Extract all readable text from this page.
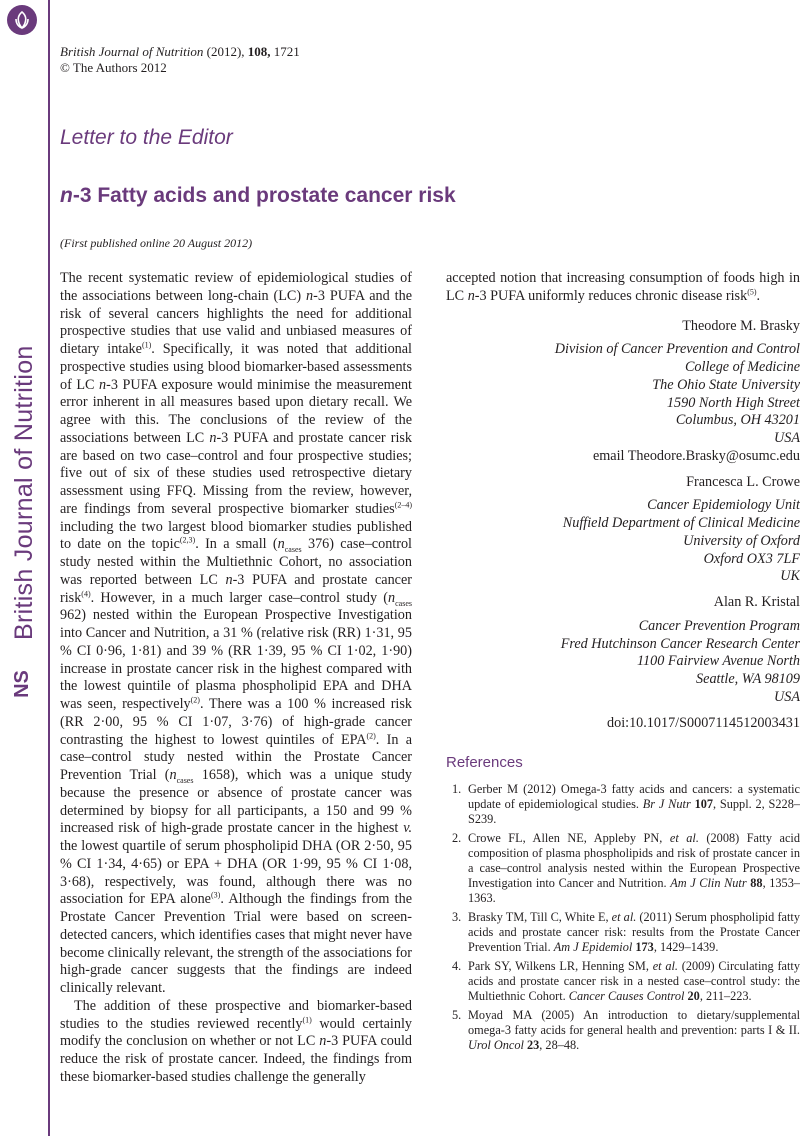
British Journal of Nutrition
NS
British Journal of Nutrition (2012), 108, 1721
© The Authors 2012
Letter to the Editor
n-3 Fatty acids and prostate cancer risk
(First published online 20 August 2012)

The recent systematic review of epidemiological studies of the associations between long-chain (LC) n-3 PUFA and the risk of several cancers highlights the need for additional prospective studies that use valid and unbiased measures of dietary intake$^{(1)}$. Specifically, it was noted that additional prospective studies using blood biomarker-based assessments of LC n-3 PUFA exposure would minimise the measurement error inherent in all measures based upon dietary recall. We agree with this. The conclusions of the review of the associations between LC n-3 PUFA and prostate cancer risk are based on two case–control and four prospective studies; five out of six of these studies used retrospective dietary assessment using FFQ. Missing from the review, however, are findings from several prospective biomarker studies$^{(2-4)}$ including the two largest blood biomarker studies published to date on the topic$^{(2,3)}$. In a small ($n_{cases}$ 376) case–control study nested within the Multiethnic Cohort, no association was reported between LC n-3 PUFA and prostate cancer risk$^{(4)}$. However, in a much larger case–control study ($n_{cases}$ 962) nested within the European Prospective Investigation into Cancer and Nutrition, a 31 % (relative risk (RR) 1·31, 95 % CI 0·96, 1·81) and 39 % (RR 1·39, 95 % CI 1·02, 1·90) increase in prostate cancer risk in the highest compared with the lowest quintile of plasma phospholipid EPA and DHA was seen, respectively$^{(2)}$. There was a 100 % increased risk (RR 2·00, 95 % CI 1·07, 3·76) of high-grade cancer contrasting the highest to lowest quintiles of EPA$^{(2)}$. In a case–control study nested within the Prostate Cancer Prevention Trial ($n_{cases}$ 1658), which was a unique study because the presence or absence of prostate cancer was determined by biopsy for all participants, a 150 and 99 % increased risk of high-grade prostate cancer in the highest v. the lowest quartile of serum phospholipid DHA (OR 2·50, 95 % CI 1·34, 4·65) or EPA + DHA (OR 1·99, 95 % CI 1·08, 3·68), respectively, was found, although there was no association for EPA alone$^{(3)}$. Although the findings from the Prostate Cancer Prevention Trial were based on screen-detected cancers, which identifies cases that might never have become clinically relevant, the strength of the associations for high-grade cancer suggests that the findings are indeed clinically relevant.

The addition of these prospective and biomarker-based studies to the studies reviewed recently$^{(1)}$ would certainly modify the conclusion on whether or not LC n-3 PUFA could reduce the risk of prostate cancer. Indeed, the findings from these biomarker-based studies challenge the generally

accepted notion that increasing consumption of foods high in LC n-3 PUFA uniformly reduces chronic disease risk$^{(5)}$.

Theodore M. Brasky
Division of Cancer Prevention and Control
College of Medicine
The Ohio State University
1590 North High Street
Columbus, OH 43201
USA
email Theodore.Brasky@osumc.edu
Francesca L. Crowe
Cancer Epidemiology Unit
Nuffield Department of Clinical Medicine
University of Oxford
Oxford OX3 7LF
UK
Alan R. Kristal
Cancer Prevention Program
Fred Hutchinson Cancer Research Center
1100 Fairview Avenue North
Seattle, WA 98109
USA
doi:10.1017/S0007114512003431
References
1. Gerber M (2012) Omega-3 fatty acids and cancers: a systematic update of epidemiological studies. Br J Nutr 107, Suppl. 2, S228–S239.
2. Crowe FL, Allen NE, Appleby PN, et al. (2008) Fatty acid composition of plasma phospholipids and risk of prostate cancer in a case–control analysis nested within the European Prospective Investigation into Cancer and Nutrition. Am J Clin Nutr 88, 1353–1363.
3. Brasky TM, Till C, White E, et al. (2011) Serum phospholipid fatty acids and prostate cancer risk: results from the Prostate Cancer Prevention Trial. Am J Epidemiol 173, 1429–1439.
4. Park SY, Wilkens LR, Henning SM, et al. (2009) Circulating fatty acids and prostate cancer risk in a nested case–control study: the Multiethnic Cohort. Cancer Causes Control 20, 211–223.
5. Moyad MA (2005) An introduction to dietary/supplemental omega-3 fatty acids for general health and prevention: parts I & II. Urol Oncol 23, 28–48.
